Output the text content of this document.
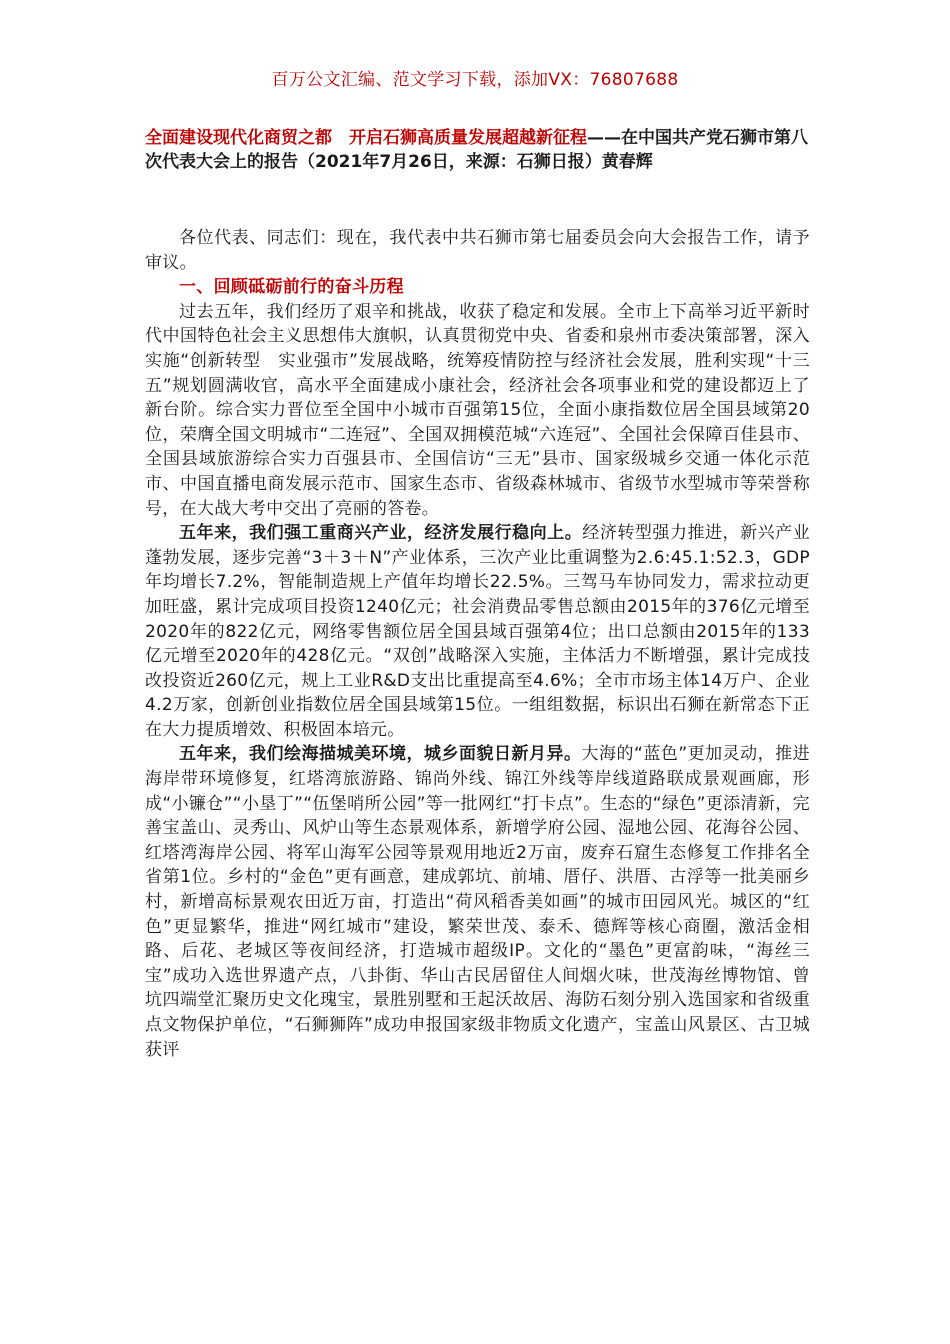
百万公文汇编、范文学习下载，添加VX：76807688
全面建设现代化商贸之都　开启石狮高质量发展超越新征程——在中国共产党石狮市第八次代表大会上的报告（2021年7月26日，来源：石狮日报）黄春辉

各位代表、同志们：现在，我代表中共石狮市第七届委员会向大会报告工作，请予审议。

一、回顾砥砺前行的奋斗历程

过去五年，我们经历了艰辛和挑战，收获了稳定和发展。全市上下高举习近平新时代中国特色社会主义思想伟大旗帜，认真贯彻党中央、省委和泉州市委决策部署，深入实施“创新转型　实业强市”发展战略，统筹疫情防控与经济社会发展，胜利实现“十三五”规划圆满收官，高水平全面建成小康社会，经济社会各项事业和党的建设都迈上了新台阶。综合实力晋位至全国中小城市百强第15位，全面小康指数位居全国县域第20位，荣膺全国文明城市“二连冠”、全国双拥模范城“六连冠”、全国社会保障百佳县市、全国县域旅游综合实力百强县市、全国信访“三无”县市、国家级城乡交通一体化示范市、中国直播电商发展示范市、国家生态市、省级森林城市、省级节水型城市等荣誉称号，在大战大考中交出了亮丽的答卷。

五年来，我们强工重商兴产业，经济发展行稳向上。经济转型强力推进，新兴产业蓬勃发展，逐步完善“3＋3＋N”产业体系，三次产业比重调整为2.6:45.1:52.3，GDP年均增长7.2%，智能制造规上产值年均增长22.5%。三驾马车协同发力，需求拉动更加旺盛，累计完成项目投资1240亿元；社会消费品零售总额由2015年的376亿元增至2020年的822亿元，网络零售额位居全国县域百强第4位；出口总额由2015年的133亿元增至2020年的428亿元。“双创”战略深入实施，主体活力不断增强，累计完成技改投资近260亿元，规上工业R&D支出比重提高至4.6%；全市市场主体14万户、企业4.2万家，创新创业指数位居全国县域第15位。一组组数据，标识出石狮在新常态下正在大力提质增效、积极固本培元。

五年来，我们绘海描城美环境，城乡面貌日新月异。大海的“蓝色”更加灵动，推进海岸带环境修复，红塔湾旅游路、锦尚外线、锦江外线等岸线道路联成景观画廊，形成“小镰仓”“小垦丁”“伍堡哨所公园”等一批网红“打卡点”。生态的“绿色”更添清新，完善宝盖山、灵秀山、风炉山等生态景观体系，新增学府公园、湿地公园、花海谷公园、红塔湾海岸公园、将军山海军公园等景观用地近2万亩，废弃石窟生态修复工作排名全省第1位。乡村的“金色”更有画意，建成郭坑、前埔、厝仔、洪厝、古浮等一批美丽乡村，新增高标景观农田近万亩，打造出“荷风稻香美如画”的城市田园风光。城区的“红色”更显繁华，推进“网红城市”建设，繁荣世茂、泰禾、德辉等核心商圈，激活金相路、后花、老城区等夜间经济，打造城市超级IP。文化的“墨色”更富韵味，“海丝三宝”成功入选世界遗产点，八卦街、华山古民居留住人间烟火味，世茂海丝博物馆、曾坑四端堂汇聚历史文化瑰宝，景胜别墅和王起沃故居、海防石刻分别入选国家和省级重点文物保护单位，“石狮狮阵”成功申报国家级非物质文化遗产，宝盖山风景区、古卫城获评
